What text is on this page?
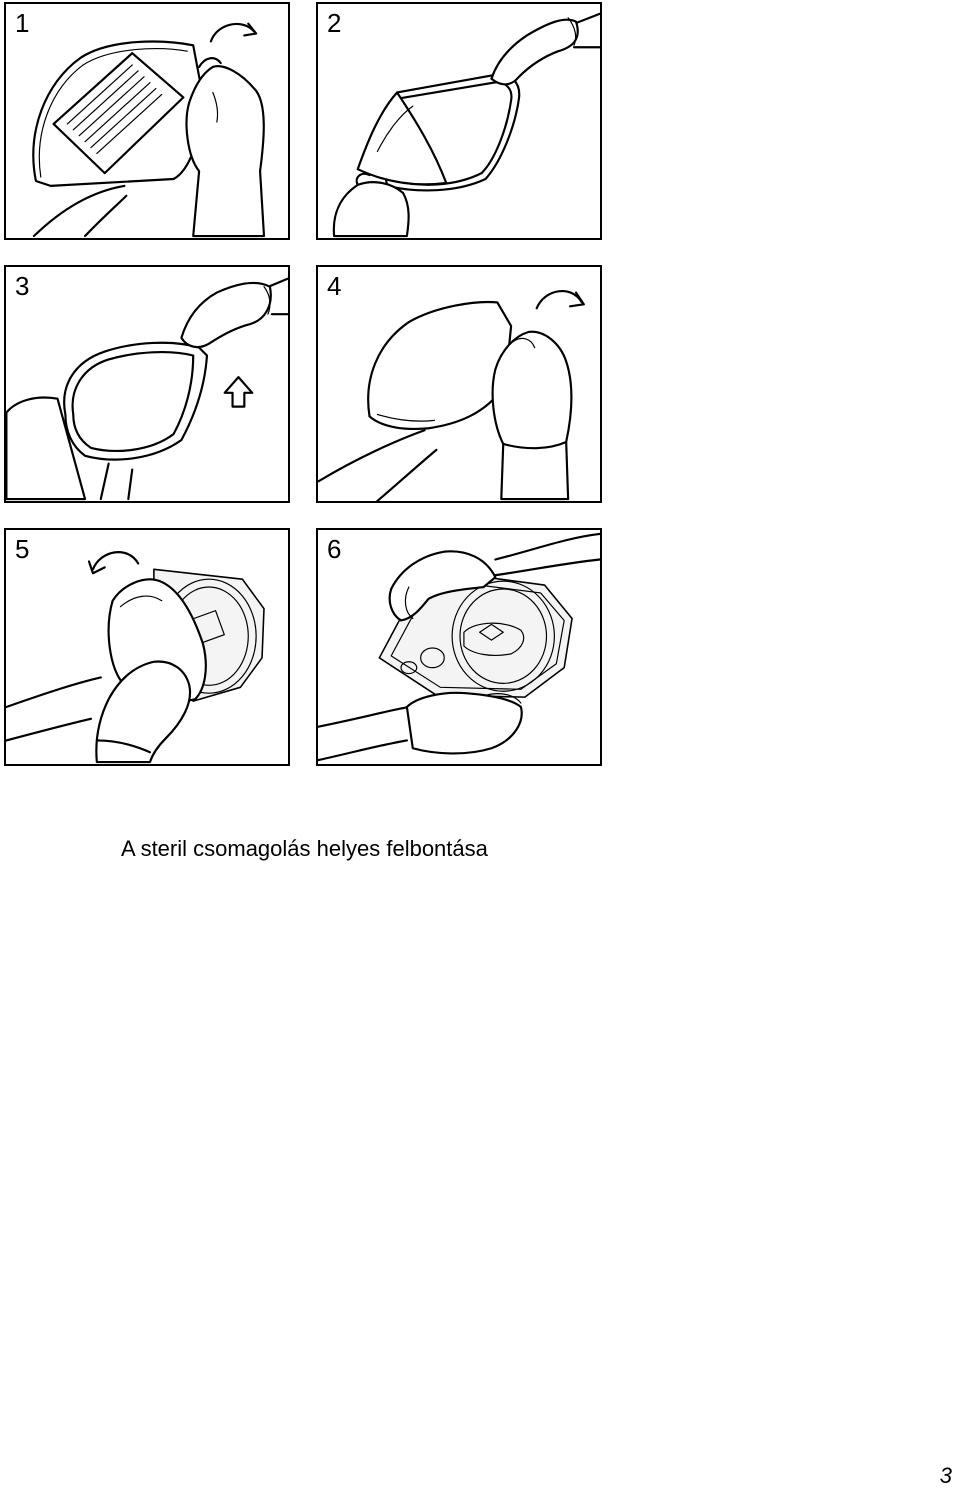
1	2
3	4
5	6
A steril csomagolás helyes felbontása
3
